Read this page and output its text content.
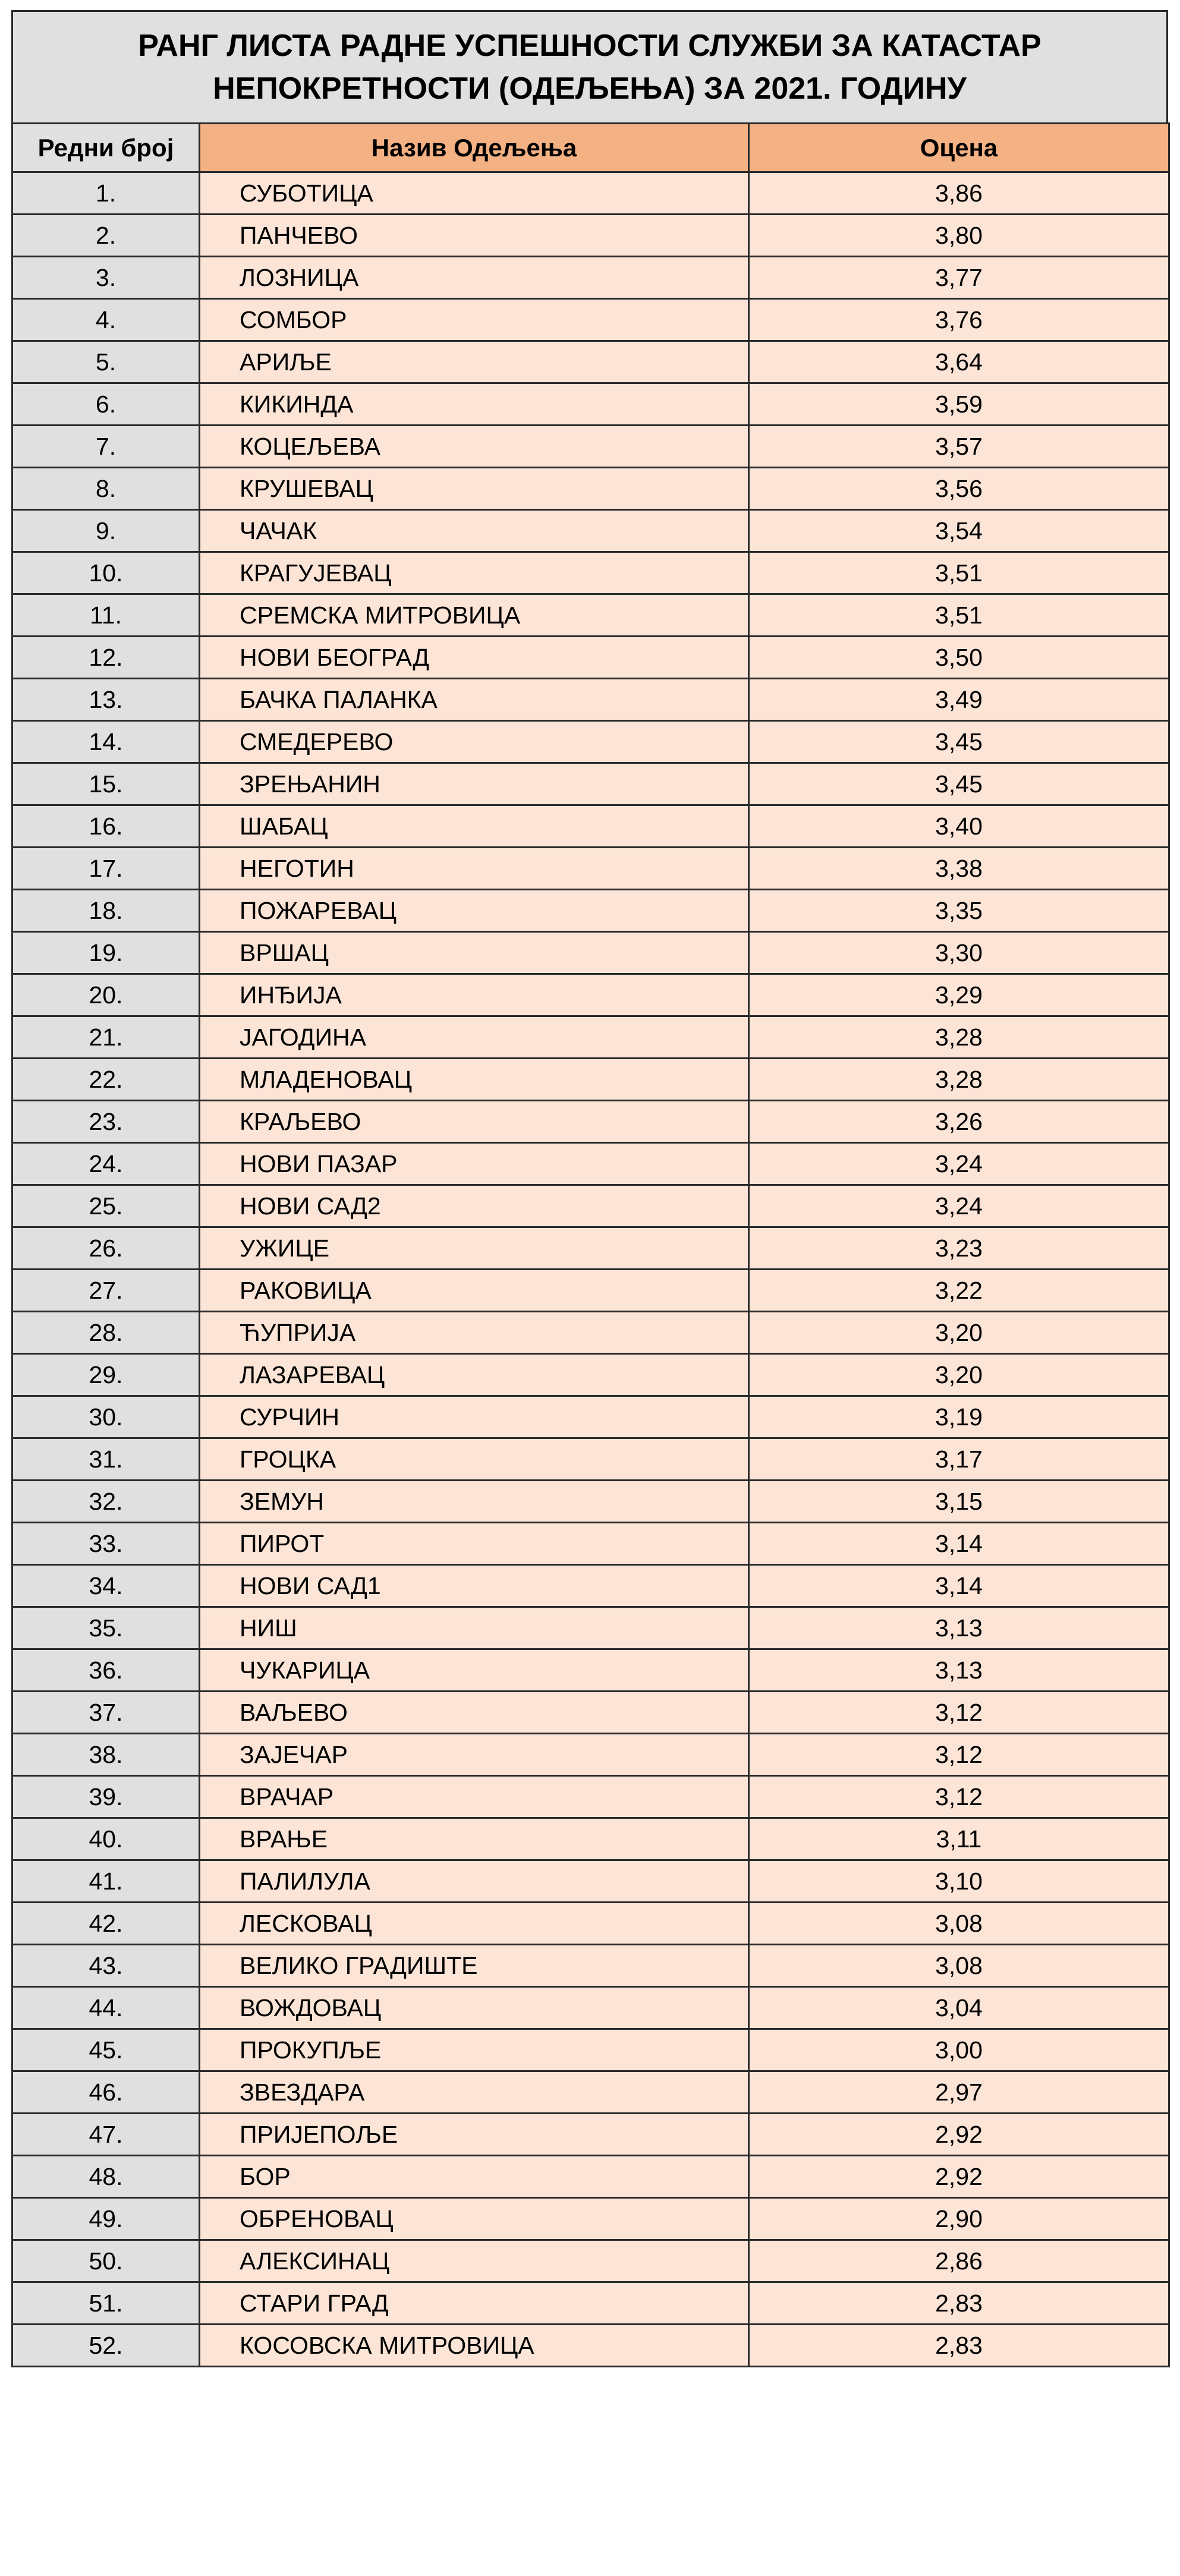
РАНГ ЛИСТА РАДНЕ УСПЕШНОСТИ СЛУЖБИ ЗА КАТАСТАР НЕПОКРЕТНОСТИ (ОДЕЉЕЊА) ЗА 2021. ГОДИНУ
Редни број	Назив Одељења	Оцена
1.	СУБОТИЦА	3,86
2.	ПАНЧЕВО	3,80
3.	ЛОЗНИЦА	3,77
4.	СОМБОР	3,76
5.	АРИЉЕ	3,64
6.	КИКИНДА	3,59
7.	КОЦЕЉЕВА	3,57
8.	КРУШЕВАЦ	3,56
9.	ЧАЧАК	3,54
10.	КРАГУЈЕВАЦ	3,51
11.	СРЕМСКА МИТРОВИЦА	3,51
12.	НОВИ БЕОГРАД	3,50
13.	БАЧКА ПАЛАНКА	3,49
14.	СМЕДЕРЕВО	3,45
15.	ЗРЕЊАНИН	3,45
16.	ШАБАЦ	3,40
17.	НЕГОТИН	3,38
18.	ПОЖАРЕВАЦ	3,35
19.	ВРШАЦ	3,30
20.	ИНЂИЈА	3,29
21.	ЈАГОДИНА	3,28
22.	МЛАДЕНОВАЦ	3,28
23.	КРАЉЕВО	3,26
24.	НОВИ ПАЗАР	3,24
25.	НОВИ САД2	3,24
26.	УЖИЦЕ	3,23
27.	РАКОВИЦА	3,22
28.	ЋУПРИЈА	3,20
29.	ЛАЗАРЕВАЦ	3,20
30.	СУРЧИН	3,19
31.	ГРОЦКА	3,17
32.	ЗЕМУН	3,15
33.	ПИРОТ	3,14
34.	НОВИ САД1	3,14
35.	НИШ	3,13
36.	ЧУКАРИЦА	3,13
37.	ВАЉЕВО	3,12
38.	ЗАЈЕЧАР	3,12
39.	ВРАЧАР	3,12
40.	ВРАЊЕ	3,11
41.	ПАЛИЛУЛА	3,10
42.	ЛЕСКОВАЦ	3,08
43.	ВЕЛИКО ГРАДИШТЕ	3,08
44.	ВОЖДОВАЦ	3,04
45.	ПРОКУПЉЕ	3,00
46.	ЗВЕЗДАРА	2,97
47.	ПРИЈЕПОЉЕ	2,92
48.	БОР	2,92
49.	ОБРЕНОВАЦ	2,90
50.	АЛЕКСИНАЦ	2,86
51.	СТАРИ ГРАД	2,83
52.	КОСОВСКА МИТРОВИЦА	2,83
